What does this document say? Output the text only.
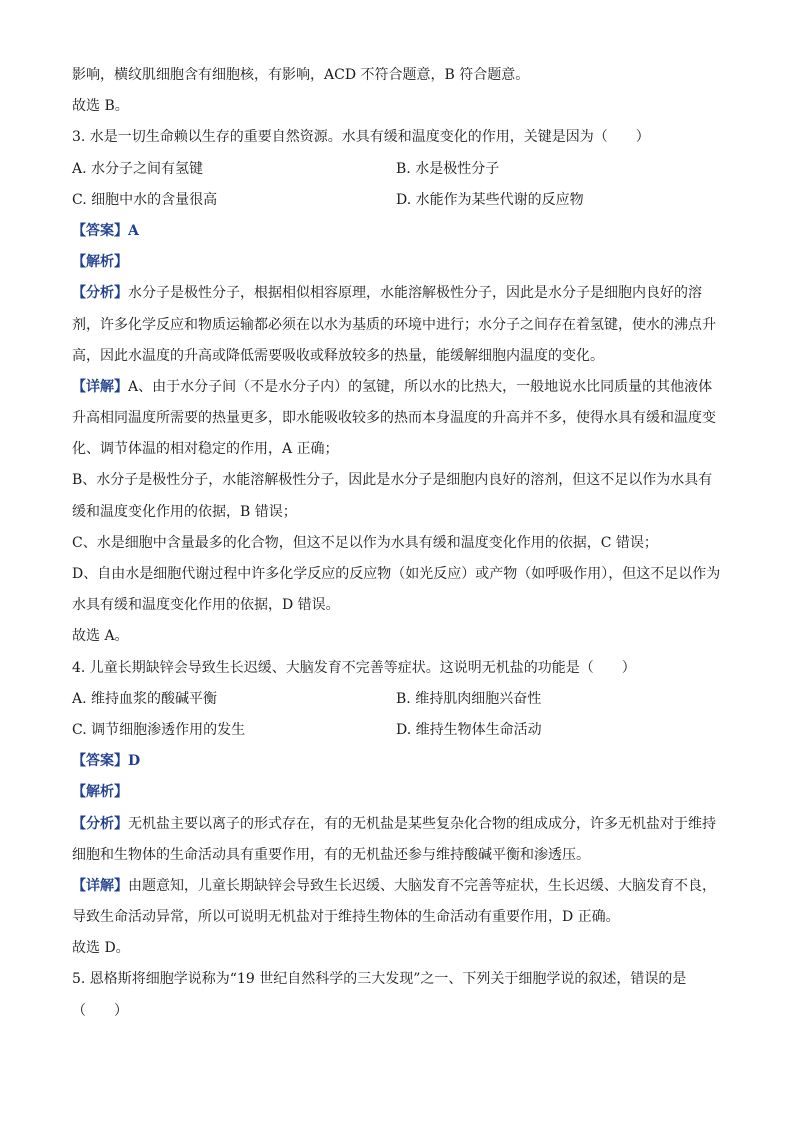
影响，横纹肌细胞含有细胞核，有影响，ACD 不符合题意，B 符合题意。
故选 B。
3. 水是一切生命赖以生存的重要自然资源。水具有缓和温度变化的作用，关键是因为（　　）
A. 水分子之间有氢键	B. 水是极性分子
C. 细胞中水的含量很高	D. 水能作为某些代谢的反应物
【答案】A
【解析】
【分析】水分子是极性分子，根据相似相容原理，水能溶解极性分子，因此是水分子是细胞内良好的溶
剂，许多化学反应和物质运输都必须在以水为基质的环境中进行；水分子之间存在着氢键，使水的沸点升
高，因此水温度的升高或降低需要吸收或释放较多的热量，能缓解细胞内温度的变化。
【详解】A、由于水分子间（不是水分子内）的氢键，所以水的比热大，一般地说水比同质量的其他液体
升高相同温度所需要的热量更多，即水能吸收较多的热而本身温度的升高并不多，使得水具有缓和温度变
化、调节体温的相对稳定的作用，A 正确；
B、水分子是极性分子，水能溶解极性分子，因此是水分子是细胞内良好的溶剂，但这不足以作为水具有
缓和温度变化作用的依据，B 错误；
C、水是细胞中含量最多的化合物，但这不足以作为水具有缓和温度变化作用的依据，C 错误；
D、自由水是细胞代谢过程中许多化学反应的反应物（如光反应）或产物（如呼吸作用），但这不足以作为
水具有缓和温度变化作用的依据，D 错误。
故选 A。
4. 儿童长期缺锌会导致生长迟缓、大脑发育不完善等症状。这说明无机盐的功能是（　　）
A. 维持血浆的酸碱平衡	B. 维持肌肉细胞兴奋性
C. 调节细胞渗透作用的发生	D. 维持生物体生命活动
【答案】D
【解析】
【分析】无机盐主要以离子的形式存在，有的无机盐是某些复杂化合物的组成成分，许多无机盐对于维持
细胞和生物体的生命活动具有重要作用，有的无机盐还参与维持酸碱平衡和渗透压。
【详解】由题意知，儿童长期缺锌会导致生长迟缓、大脑发育不完善等症状，生长迟缓、大脑发育不良，
导致生命活动异常，所以可说明无机盐对于维持生物体的生命活动有重要作用，D 正确。
故选 D。
5. 恩格斯将细胞学说称为“19 世纪自然科学的三大发现”之一、下列关于细胞学说的叙述，错误的是
（　　）
